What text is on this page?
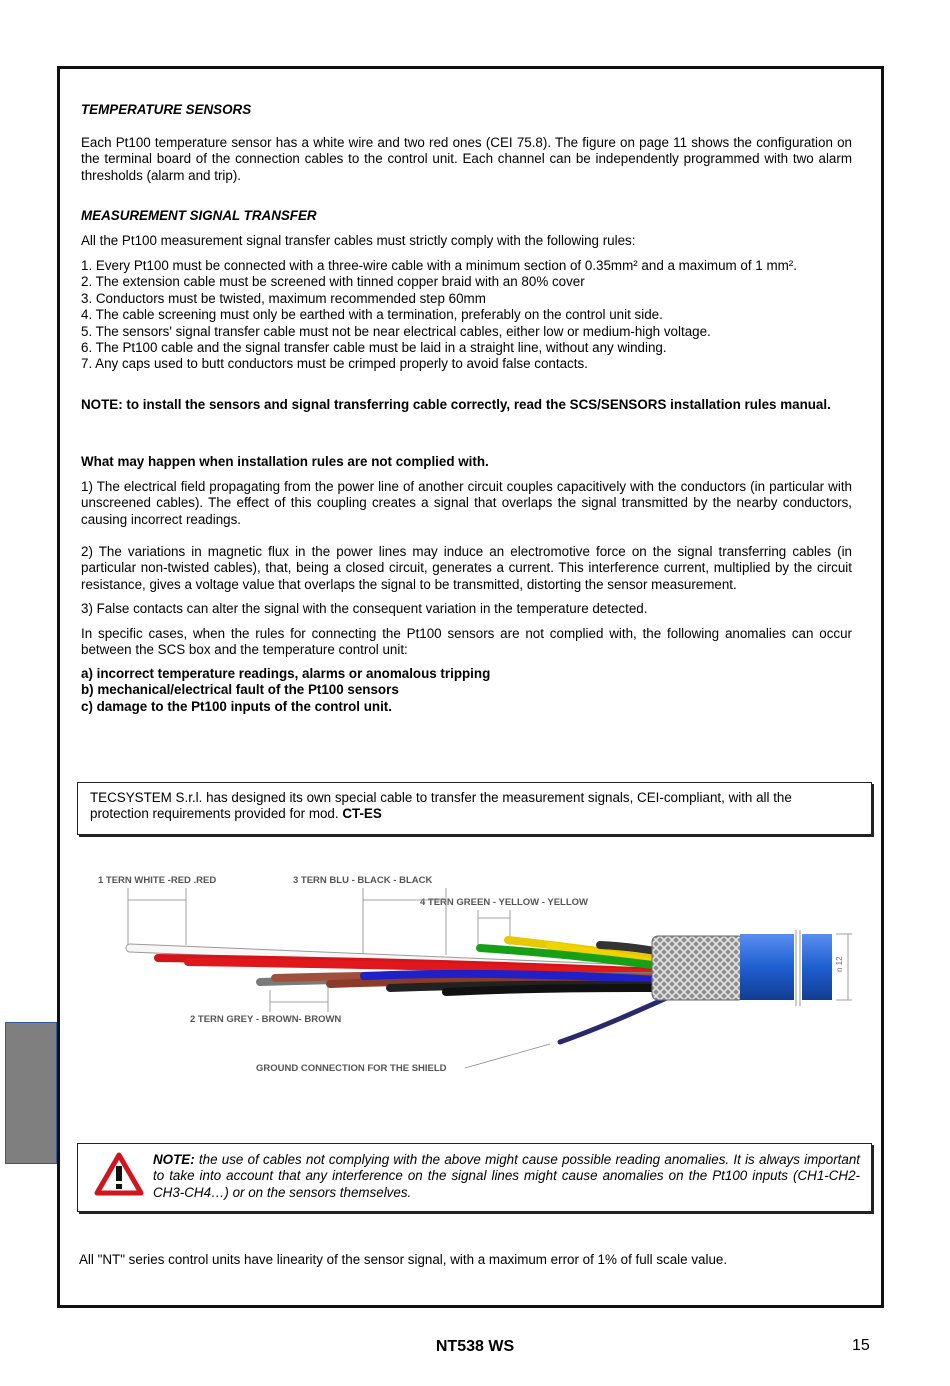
TEMPERATURE SENSORS
Each Pt100 temperature sensor has a white wire and two red ones (CEI 75.8). The figure on page 11 shows the configuration on the terminal board of the connection cables to the control unit. Each channel can be independently programmed with two alarm thresholds (alarm and trip).
MEASUREMENT SIGNAL TRANSFER
All the Pt100 measurement signal transfer cables must strictly comply with the following rules:
1. Every Pt100 must be connected with a three-wire cable with a minimum section of 0.35mm² and a maximum of 1 mm².
2. The extension cable must be screened with tinned copper braid with an 80% cover
3. Conductors must be twisted, maximum recommended step 60mm
4. The cable screening must only be earthed with a termination, preferably on the control unit side.
5. The sensors' signal transfer cable must not be near electrical cables, either low or medium-high voltage.
6. The Pt100 cable and the signal transfer cable must be laid in a straight line, without any winding.
7. Any caps used to butt conductors must be crimped properly to avoid false contacts.
NOTE: to install the sensors and signal transferring cable correctly, read the SCS/SENSORS installation rules manual.
What may happen when installation rules are not complied with.
1) The electrical field propagating from the power line of another circuit couples capacitively with the conductors (in particular with unscreened cables). The effect of this coupling creates a signal that overlaps the signal transmitted by the nearby conductors, causing incorrect readings.
2) The variations in magnetic flux in the power lines may induce an electromotive force on the signal transferring cables (in particular non-twisted cables), that, being a closed circuit, generates a current. This interference current, multiplied by the circuit resistance, gives a voltage value that overlaps the signal to be transmitted, distorting the sensor measurement.
3) False contacts can alter the signal with the consequent variation in the temperature detected.
In specific cases, when the rules for connecting the Pt100 sensors are not complied with, the following anomalies can occur between the SCS box and the temperature control unit:
a) incorrect temperature readings, alarms or anomalous tripping
b) mechanical/electrical fault of the Pt100 sensors
c) damage to the Pt100 inputs of the control unit.
TECSYSTEM S.r.l. has designed its own special cable to transfer the measurement signals, CEI-compliant, with all the protection requirements provided for mod. CT-ES
1 TERN WHITE -RED .RED	3 TERN BLU - BLACK - BLACK
4 TERN GREEN - YELLOW - YELLOW
2 TERN GREY - BROWN- BROWN
GROUND CONNECTION FOR THE SHIELD
n 12
NOTE: the use of cables not complying with the above might cause possible reading anomalies. It is always important to take into account that any interference on the signal lines might cause anomalies on the Pt100 inputs (CH1-CH2-CH3-CH4…) or on the sensors themselves.
All "NT" series control units have linearity of the sensor signal, with a maximum error of 1% of full scale value.
NT538 WS	15
